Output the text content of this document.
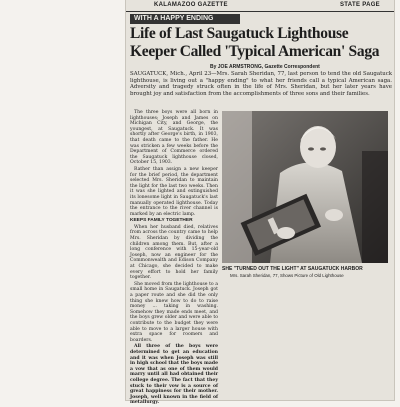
KALAMAZOO GAZETTE	STATE PAGE
WITH A HAPPY ENDING
Life of Last Saugatuck Lighthouse Keeper Called 'Typical American' Saga
By JOE ARMSTRONG, Gazette Correspondent
SAUGATUCK, Mich., April 23—Mrs. Sarah Sheridan, 77, last person to tend the old Saugatuck lighthouse, is living out a "happy ending" to what her friends call a typical American saga. Adversity and tragedy struck often in the life of Mrs. Sheridan, but her later years have brought joy and satisfaction from the accomplishments of three sons and their families.

The three boys were all born in lighthouses; Joseph and James on Michigan City, and George, the youngest, at Saugatuck. It was shortly after George's birth, in 1903, that death came to the father. He was stricken a few weeks before the Department of Commerce ordered the Saugatuck lighthouse closed, October 15, 1903.

Rather than assign a new keeper for the brief period, the department selected Mrs. Sheridan to maintain the light for the last two weeks. Then it was she lighted and extinguished its lonesome light in Saugatuck's last manually operated lighthouse. Today the entrance to the river channel is marked by an electric lamp.

KEEPS FAMILY TOGETHER

When her husband died, relatives from across the country came to help Mrs. Sheridan by dividing the children among them. But, after a long conference with 15-year-old Joseph, now an engineer for the Commonwealth and Edison Company at Chicago, she decided to make every effort to hold her family together.

She moved from the lighthouse to a small home in Saugatuck. Joseph got a paper route and she did the only thing she knew how to do to raise money ... taking in washing. Somehow they made ends meet, and the boys grew older and were able to contribute to the budget they were able to move to a larger house with extra space for roomers and boarders.

All three of the boys were determined to get an education and it was when Joseph was still in high school that the boys made a vow that as one of them would marry until all had obtained their college degree. The fact that they stuck to their vow is a source of great happiness for their mother. Joseph, well known in the field of metallurgy.

SHE "TURNED OUT THE LIGHT" AT SAUGATUCK HARBOR
Mrs. Sarah Sheridan, 77, Shows Picture of Old Lighthouse
